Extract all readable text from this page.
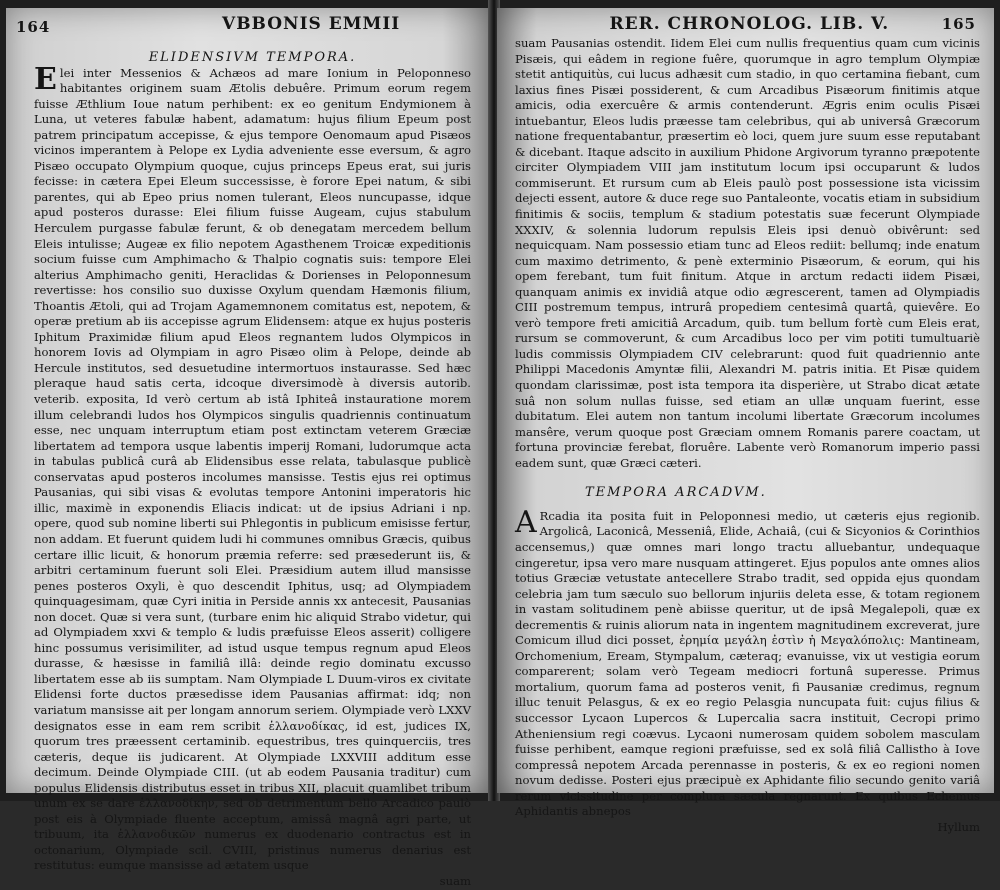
164	VBBONIS EMMII

ELIDENSIVM TEMPORA.

Elei inter Messenios & Achæos ad mare Ionium in Peloponneso habitantes originem suam Ætolis debuêre. Primum eorum regem fuisse Æthlium Ioue natum perhibent: ex eo genitum Endymionem à Luna, ut veteres fabulæ habent, adamatum: hujus filium Epeum post patrem principatum accepisse, & ejus tempore Oenomaum apud Pisæos vicinos imperantem à Pelope ex Lydia adveniente esse eversum, & agro Pisæo occupato Olympium quoque, cujus princeps Epeus erat, sui juris fecisse: in cætera Epei Eleum successisse, è forore Epei natum, & sibi parentes, qui ab Epeo prius nomen tulerant, Eleos nuncupasse, idque apud posteros durasse: Elei filium fuisse Augeam, cujus stabulum Herculem purgasse fabulæ ferunt, & ob denegatam mercedem bellum Eleis intulisse; Augeæ ex filio nepotem Agasthenem Troicæ expeditionis socium fuisse cum Amphimacho & Thalpio cognatis suis: tempore Elei alterius Amphimacho geniti, Heraclidas & Dorienses in Peloponnesum revertisse: hos consilio suo duxisse Oxylum quendam Hæmonis filium, Thoantis Ætoli, qui ad Trojam Agamemnonem comitatus est, nepotem, & operæ pretium ab iis accepisse agrum Elidensem: atque ex hujus posteris Iphitum Praximidæ filium apud Eleos regnantem ludos Olympicos in honorem Iovis ad Olympiam in agro Pisæo olim à Pelope, deinde ab Hercule institutos, sed desuetudine intermortuos instaurasse. Sed hæc pleraque haud satis certa, idcoque diversimodè à diversis autorib. veterib. exposita, Id verò certum ab istâ Iphiteâ instauratione morem illum celebrandi ludos hos Olympicos singulis quadriennis continuatum esse, nec unquam interruptum etiam post extinctam veterem Græciæ libertatem ad tempora usque labentis imperij Romani, ludorumque acta in tabulas publicâ curâ ab Elidensibus esse relata, tabulasque publicè conservatas apud posteros incolumes mansisse. Testis ejus rei optimus Pausanias, qui sibi visas & evolutas tempore Antonini imperatoris hic illic, maximè in exponendis Eliacis indicat: ut de ipsius Adriani i np. opere, quod sub nomine liberti sui Phlegontis in publicum emisisse fertur, non addam. Et fuerunt quidem ludi hi communes omnibus Græcis, quibus certare illic licuit, & honorum præmia referre: sed præsederunt iis, & arbitri certaminum fuerunt soli Elei. Præsidium autem illud mansisse penes posteros Oxyli, è quo descendit Iphitus, usq; ad Olympiadem quinquagesimam, quæ Cyri initia in Perside annis xx antecesit, Pausanias non docet. Quæ si vera sunt, (turbare enim hic aliquid Strabo videtur, qui ad Olympiadem xxvi & templo & ludis præfuisse Eleos asserit) colligere hinc possumus verisimiliter, ad istud usque tempus regnum apud Eleos durasse, & hæsisse in familiâ illâ: deinde regio dominatu excusso libertatem esse ab iis sumptam. Nam Olympiade L Duum-viros ex civitate Elidensi forte ductos præsedisse idem Pausanias affirmat: idq; non variatum mansisse ait per longam annorum seriem. Olympiade verò LXXV designatos esse in eam rem scribit ἑλλανοδίκας, id est, judices IX, quorum tres præessent certaminib. equestribus, tres quinquerciis, tres cæteris, deque iis judicarent. At Olympiade LXXVIII additum esse decimum. Deinde Olympiade CIII. (ut ab eodem Pausania traditur) cum populus Elidensis distributus esset in tribus XII, placuit quamlibet tribum unum ex se dare ἑλλανοδίκην, sed ob detrimentum bello Arcadico paulò post eis à Olympiade fluente acceptum, amissâ magnâ agri parte, ut tribuum, ita ἑλλανοδικῶν numerus ex duodenario contractus est in octonarium, Olympiade scil. CVIII, pristinus numerus denarius est restitutus: eumque mansisse ad ætatem usque

suam

RER. CHRONOLOG. LIB. V.	165

suam Pausanias ostendit. Iidem Elei cum nullis frequentius quam cum vicinis Pisæis, qui eâdem in regione fuêre, quorumque in agro templum Olympiæ stetit antiquitùs, cui lucus adhæsit cum stadio, in quo certamina fiebant, cum laxius fines Pisæi possiderent, & cum Arcadibus Pisæorum finitimis atque amicis, odia exercuêre & armis contenderunt. Ægris enim oculis Pisæi intuebantur, Eleos ludis præesse tam celebribus, qui ab universâ Græcorum natione frequentabantur, præsertim eò loci, quem jure suum esse reputabant & dicebant. Itaque adscito in auxilium Phidone Argivorum tyranno præpotente circiter Olympiadem VIII jam institutum locum ipsi occuparunt & ludos commiserunt. Et rursum cum ab Eleis paulò post possessione ista vicissim dejecti essent, autore & duce rege suo Pantaleonte, vocatis etiam in subsidium finitimis & sociis, templum & stadium potestatis suæ fecerunt Olympiade XXXIV, & solennia ludorum repulsis Eleis ipsi denuò obivêrunt: sed nequicquam. Nam possessio etiam tunc ad Eleos rediit: bellumq; inde enatum cum maximo detrimento, & penè exterminio Pisæorum, & eorum, qui his opem ferebant, tum fuit finitum. Atque in arctum redacti iidem Pisæi, quanquam animis ex invidiâ atque odio ægrescerent, tamen ad Olympiadis CIII postremum tempus, intrurâ propediem centesimâ quartâ, quievêre. Eo verò tempore freti amicitiâ Arcadum, quib. tum bellum fortè cum Eleis erat, rursum se commoverunt, & cum Arcadibus loco per vim potiti tumultuariè ludis commissis Olympiadem CIV celebrarunt: quod fuit quadriennio ante Philippi Macedonis Amyntæ filii, Alexandri M. patris initia. Et Pisæ quidem quondam clarissimæ, post ista tempora ita disperière, ut Strabo dicat ætate suâ non solum nullas fuisse, sed etiam an ullæ unquam fuerint, esse dubitatum. Elei autem non tantum incolumi libertate Græcorum incolumes mansêre, verum quoque post Græciam omnem Romanis parere coactam, ut fortuna provinciæ ferebat, floruêre. Labente verò Romanorum imperio passi eadem sunt, quæ Græci cæteri.

TEMPORA ARCADVM.

A Rcadia ita posita fuit in Peloponnesi medio, ut cæteris ejus regionib. Argolicâ, Laconicâ, Messeniâ, Elide, Achaiâ, (cui & Sicyonios & Corinthios accensemus,) quæ omnes mari longo tractu alluebantur, undequaque cingeretur, ipsa vero mare nusquam attingeret. Ejus populos ante omnes alios totius Græciæ vetustate antecellere Strabo tradit, sed oppida ejus quondam celebria jam tum sæculo suo bellorum injuriis deleta esse, & totam regionem in vastam solitudinem penè abiisse queritur, ut de ipsâ Megalepoli, quæ ex decrementis & ruinis aliorum nata in ingentem magnitudinem excreverat, jure Comicum illud dici posset, ἐρημία μεγάλη ἐστὶν ἡ Μεγαλόπολις: Mantineam, Orchomenium, Eream, Stympalum, cæteraq; evanuisse, vix ut vestigia eorum comparerent; solam verò Tegeam mediocri fortunâ superesse. Primus mortalium, quorum fama ad posteros venit, fi Pausaniæ credimus, regnum illuc tenuit Pelasgus, & ex eo regio Pelasgia nuncupata fuit: cujus filius & successor Lycaon Lupercos & Lupercalia sacra instituit, Cecropi primo Atheniensium regi coævus. Lycaoni numerosam quidem sobolem masculam fuisse perhibent, eamque regioni præfuisse, sed ex solâ filiâ Callistho à Iove compressâ nepotem Arcada perennasse in posteris, & ex eo regioni nomen novum dedisse. Posteri ejus præcipuè ex Aphidante filio secundo genito variâ rerum vicissitudine per complura sæcula regnarunt. Ex quibus Echemus Aphidantis abnepos

Hyllum
